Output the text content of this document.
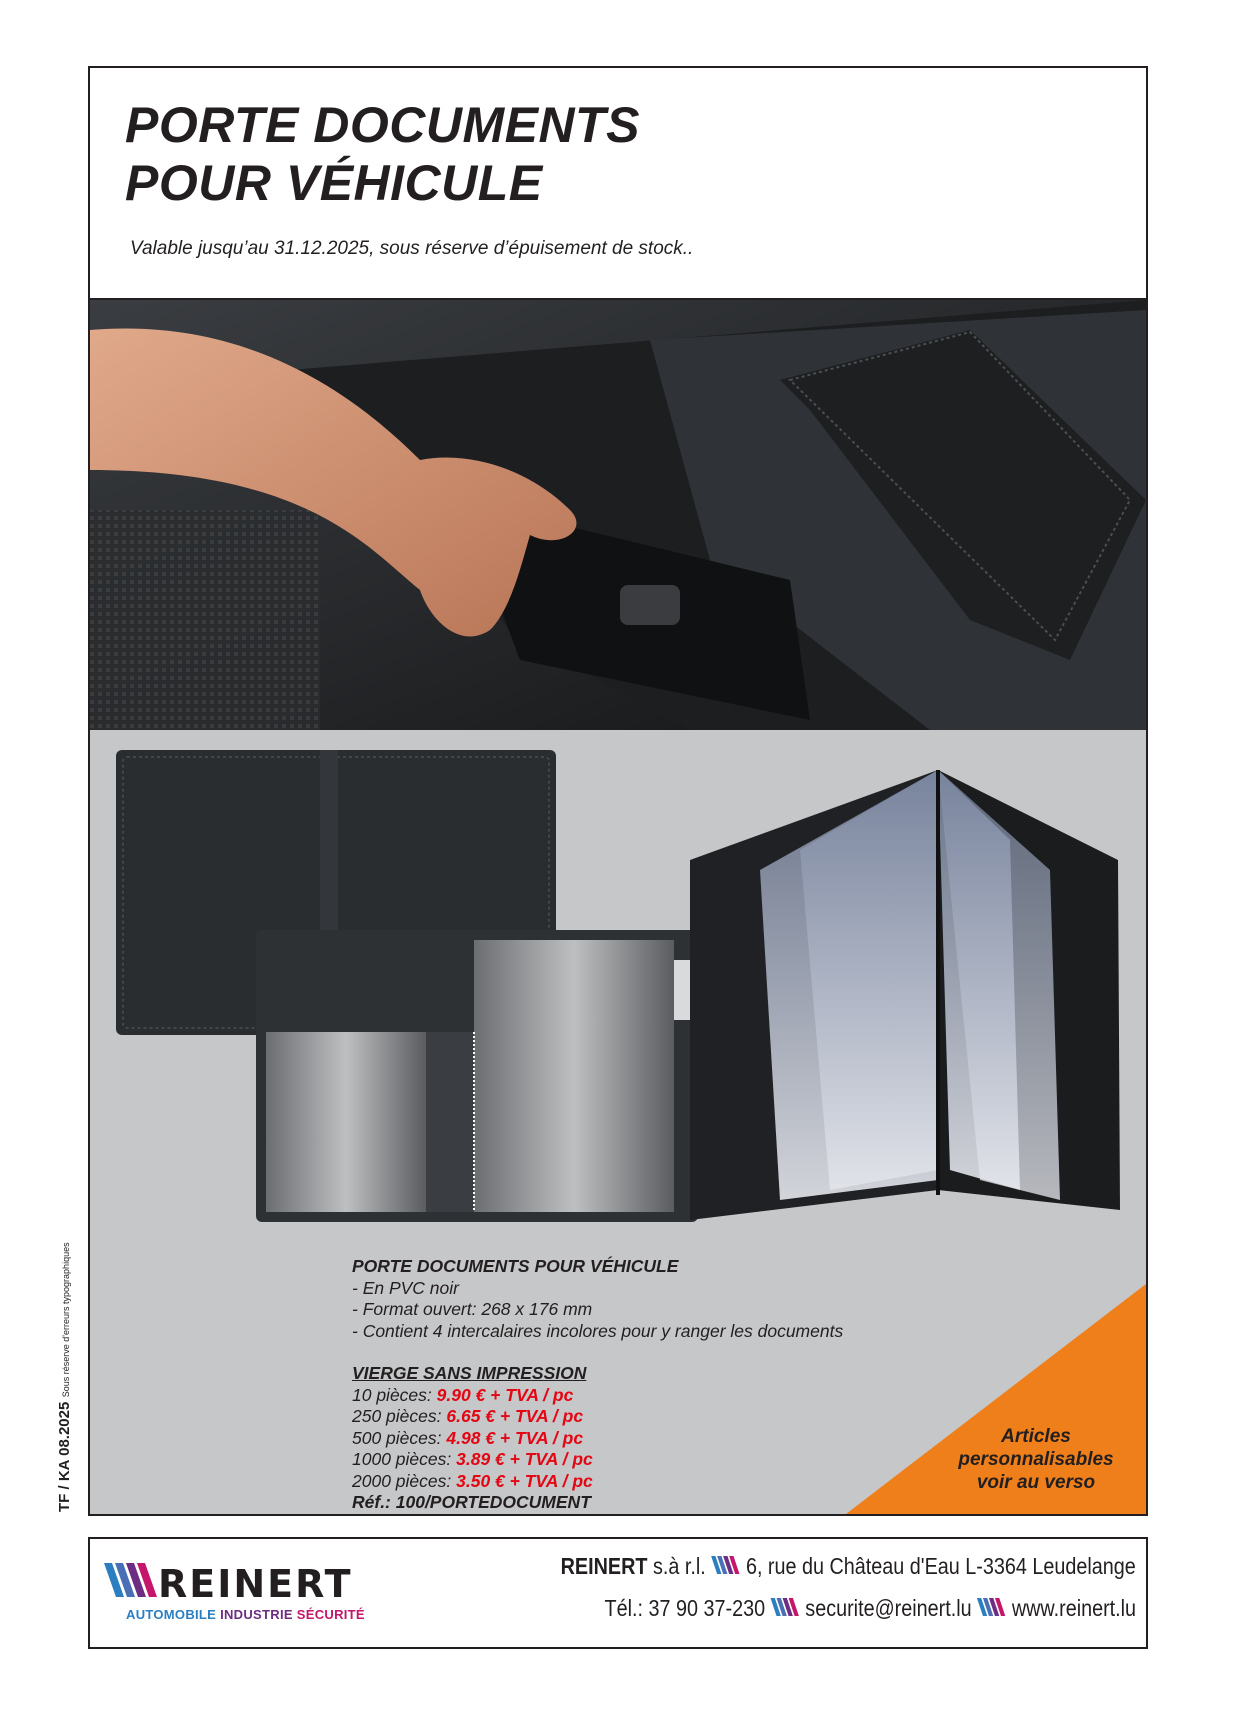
PORTE DOCUMENTS
POUR VÉHICULE
Valable jusqu’au 31.12.2025, sous réserve d’épuisement de stock..
Articles
personnalisables
voir au verso
PORTE DOCUMENTS POUR VÉHICULE
- En PVC noir
- Format ouvert: 268 x 176 mm
- Contient 4 intercalaires incolores pour y ranger les documents
VIERGE SANS IMPRESSION
10 pièces: 9.90 € + TVA / pc
250 pièces: 6.65 € + TVA / pc
500 pièces: 4.98 € + TVA / pc
1000 pièces: 3.89 € + TVA / pc
2000 pièces: 3.50 € + TVA / pc
Réf.: 100/PORTEDOCUMENT
REINERT
AUTOMOBILE INDUSTRIE SÉCURITÉ
REINERT s.à r.l. 6, rue du Château d'Eau L-3364 Leudelange
Tél.: 37 90 37-230 securite@reinert.lu www.reinert.lu
TF / KA 08.2025 Sous réserve d'erreurs typographiques
